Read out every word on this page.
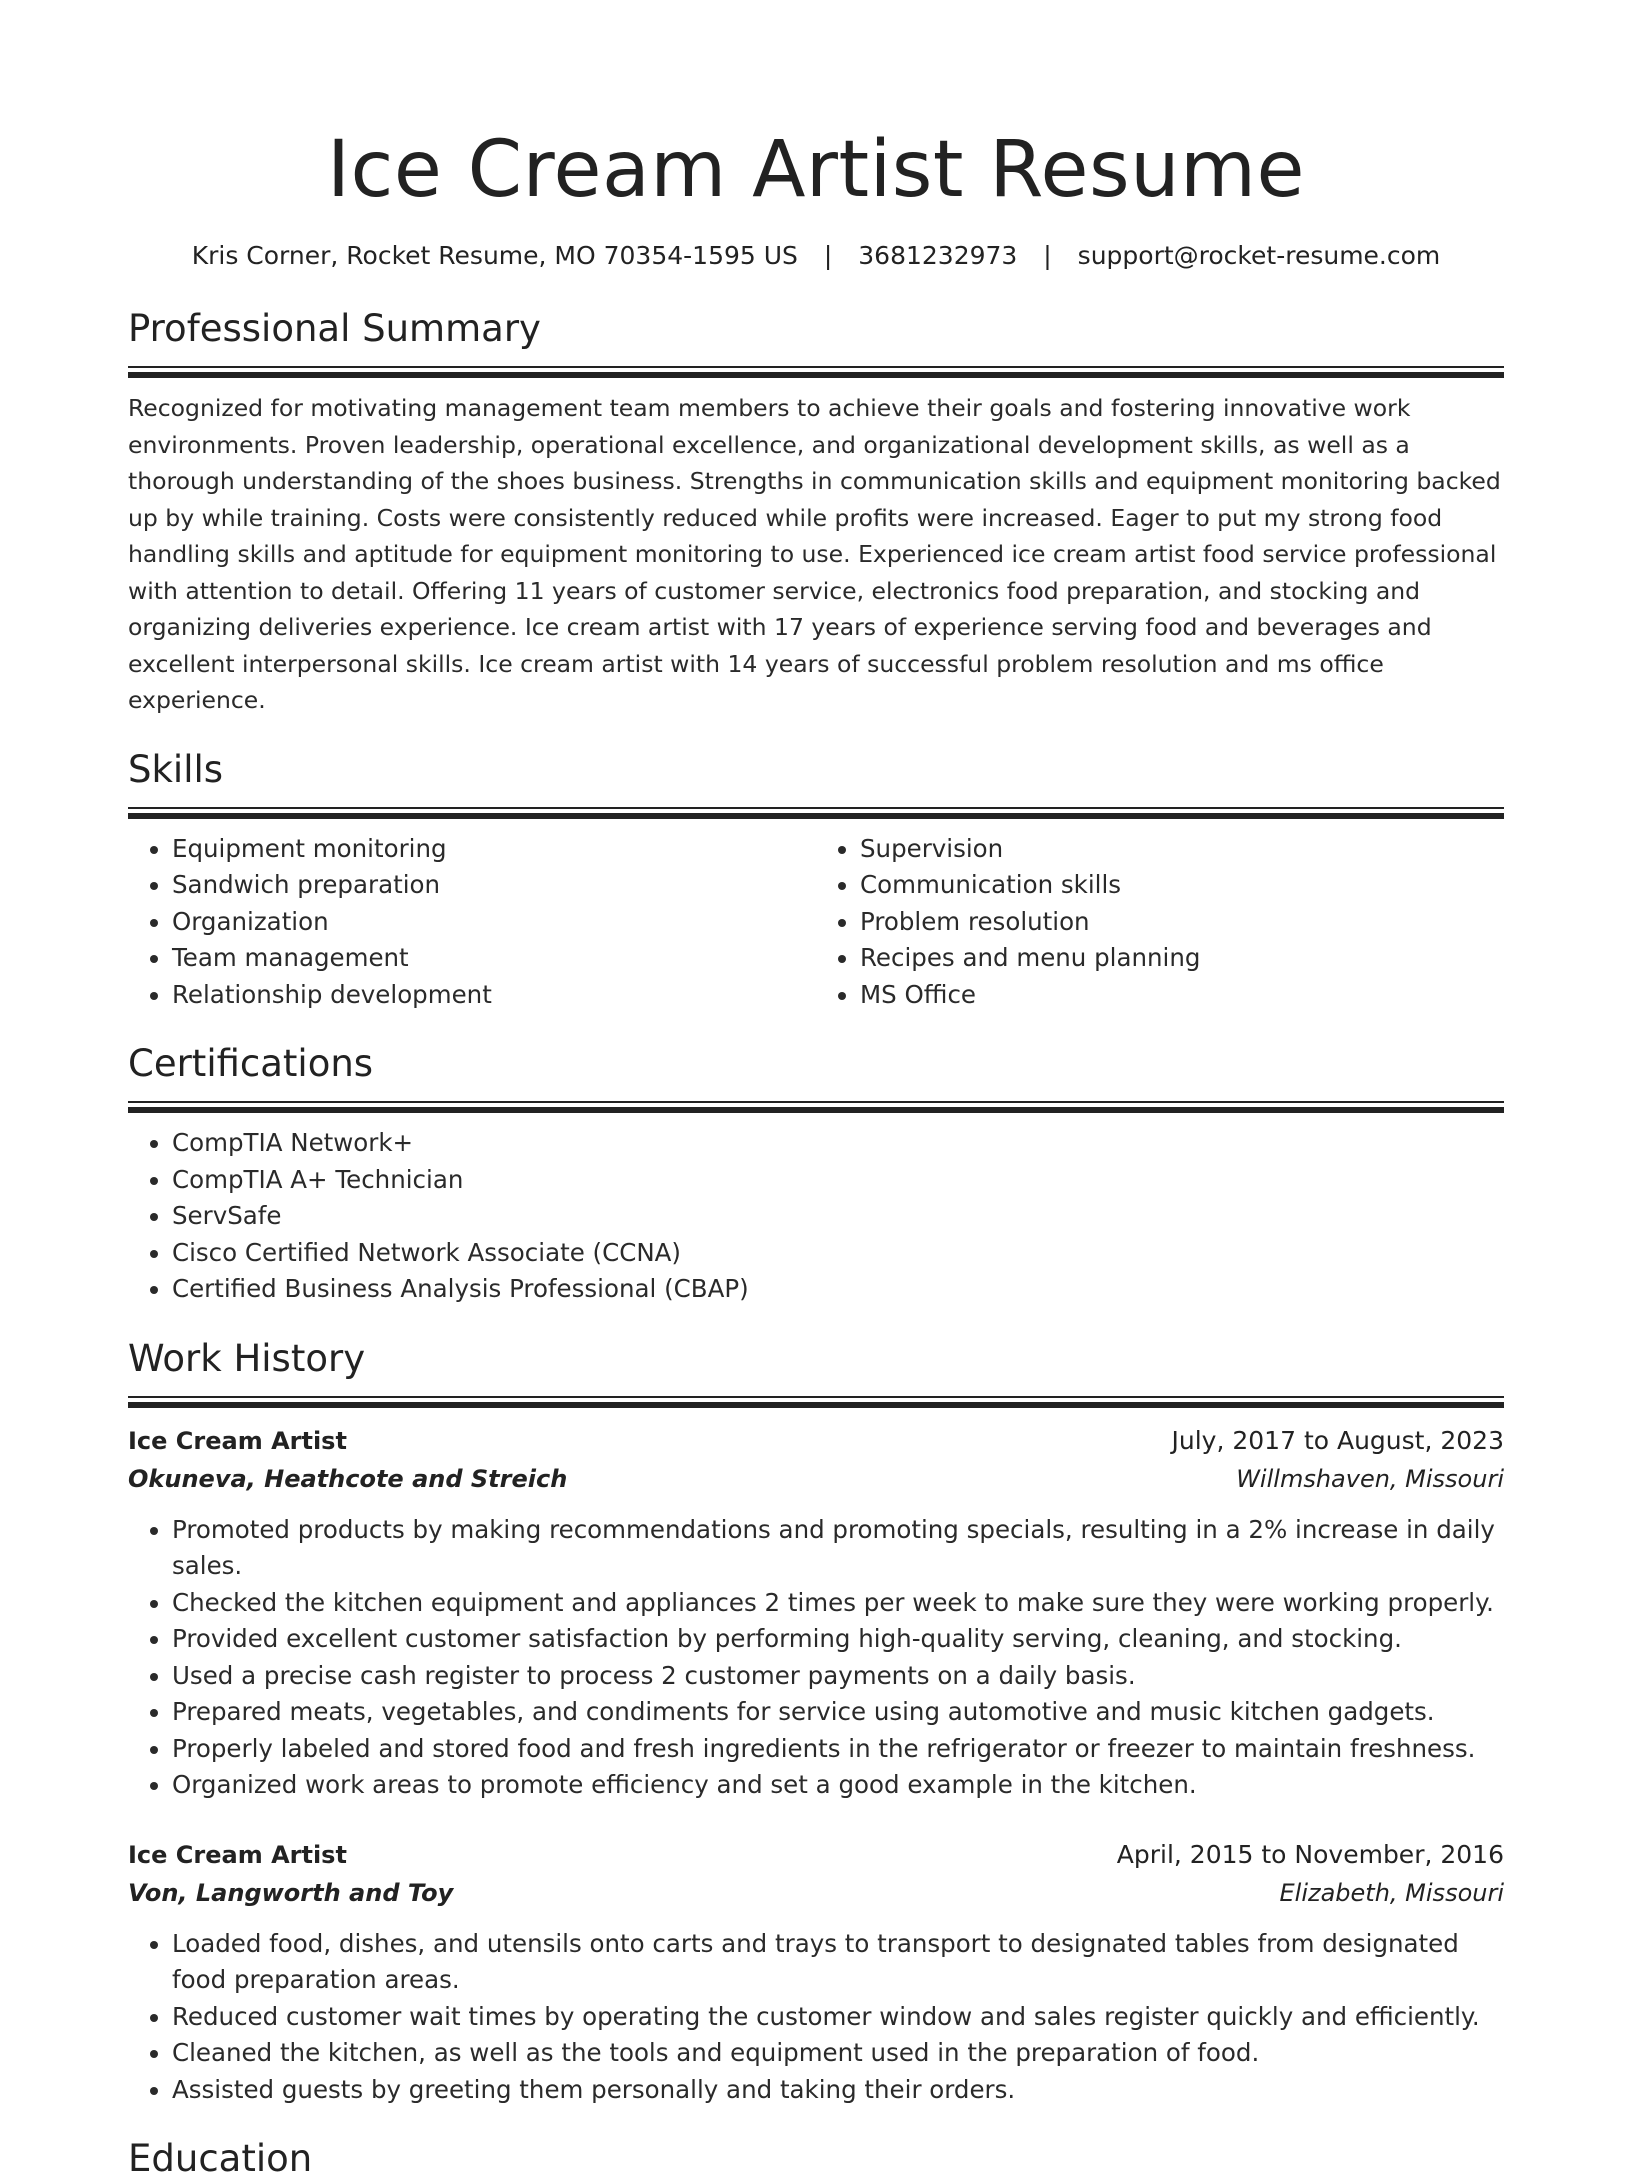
Ice Cream Artist Resume
Kris Corner, Rocket Resume, MO 70354-1595 US | 3681232973 | support@rocket-resume.com
Professional Summary
Recognized for motivating management team members to achieve their goals and fostering innovative work environments. Proven leadership, operational excellence, and organizational development skills, as well as a thorough understanding of the shoes business. Strengths in communication skills and equipment monitoring backed up by while training. Costs were consistently reduced while profits were increased. Eager to put my strong food handling skills and aptitude for equipment monitoring to use. Experienced ice cream artist food service professional with attention to detail. Offering 11 years of customer service, electronics food preparation, and stocking and organizing deliveries experience. Ice cream artist with 17 years of experience serving food and beverages and excellent interpersonal skills. Ice cream artist with 14 years of successful problem resolution and ms office experience.
Skills
• Equipment monitoring
• Sandwich preparation
• Organization
• Team management
• Relationship development
• Supervision
• Communication skills
• Problem resolution
• Recipes and menu planning
• MS Office
Certifications
• CompTIA Network+
• CompTIA A+ Technician
• ServSafe
• Cisco Certified Network Associate (CCNA)
• Certified Business Analysis Professional (CBAP)
Work History
Ice Cream Artist	July, 2017 to August, 2023
Okuneva, Heathcote and Streich	Willmshaven, Missouri
• Promoted products by making recommendations and promoting specials, resulting in a 2% increase in daily sales.
• Checked the kitchen equipment and appliances 2 times per week to make sure they were working properly.
• Provided excellent customer satisfaction by performing high-quality serving, cleaning, and stocking.
• Used a precise cash register to process 2 customer payments on a daily basis.
• Prepared meats, vegetables, and condiments for service using automotive and music kitchen gadgets.
• Properly labeled and stored food and fresh ingredients in the refrigerator or freezer to maintain freshness.
• Organized work areas to promote efficiency and set a good example in the kitchen.
Ice Cream Artist	April, 2015 to November, 2016
Von, Langworth and Toy	Elizabeth, Missouri
• Loaded food, dishes, and utensils onto carts and trays to transport to designated tables from designated food preparation areas.
• Reduced customer wait times by operating the customer window and sales register quickly and efficiently.
• Cleaned the kitchen, as well as the tools and equipment used in the preparation of food.
• Assisted guests by greeting them personally and taking their orders.
Education
